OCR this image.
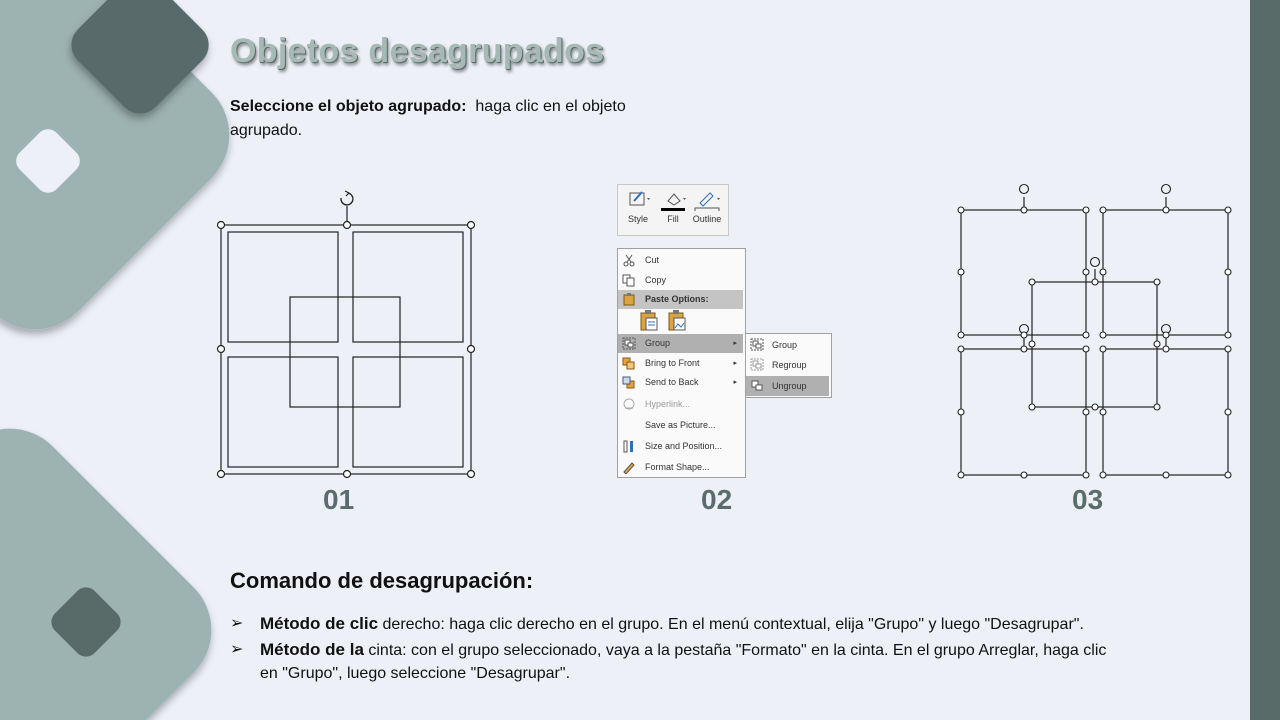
Objetos desagrupados
Seleccione el objeto agrupado: haga clic en el objeto agrupado.
Style	Fill	Outline
Cut
Copy
Paste Options:
Group	▸
Bring to Front	▸
Send to Back	▸
Hyperlink...
Save as Picture...
Size and Position...
Format Shape...
Group
Regroup
Ungroup
01	02	03
Comando de desagrupación:
➢ Método de clic derecho: haga clic derecho en el grupo. En el menú contextual, elija "Grupo" y luego "Desagrupar".
➢ Método de la cinta: con el grupo seleccionado, vaya a la pestaña "Formato" en la cinta. En el grupo Arreglar, haga clic en "Grupo", luego seleccione "Desagrupar".
